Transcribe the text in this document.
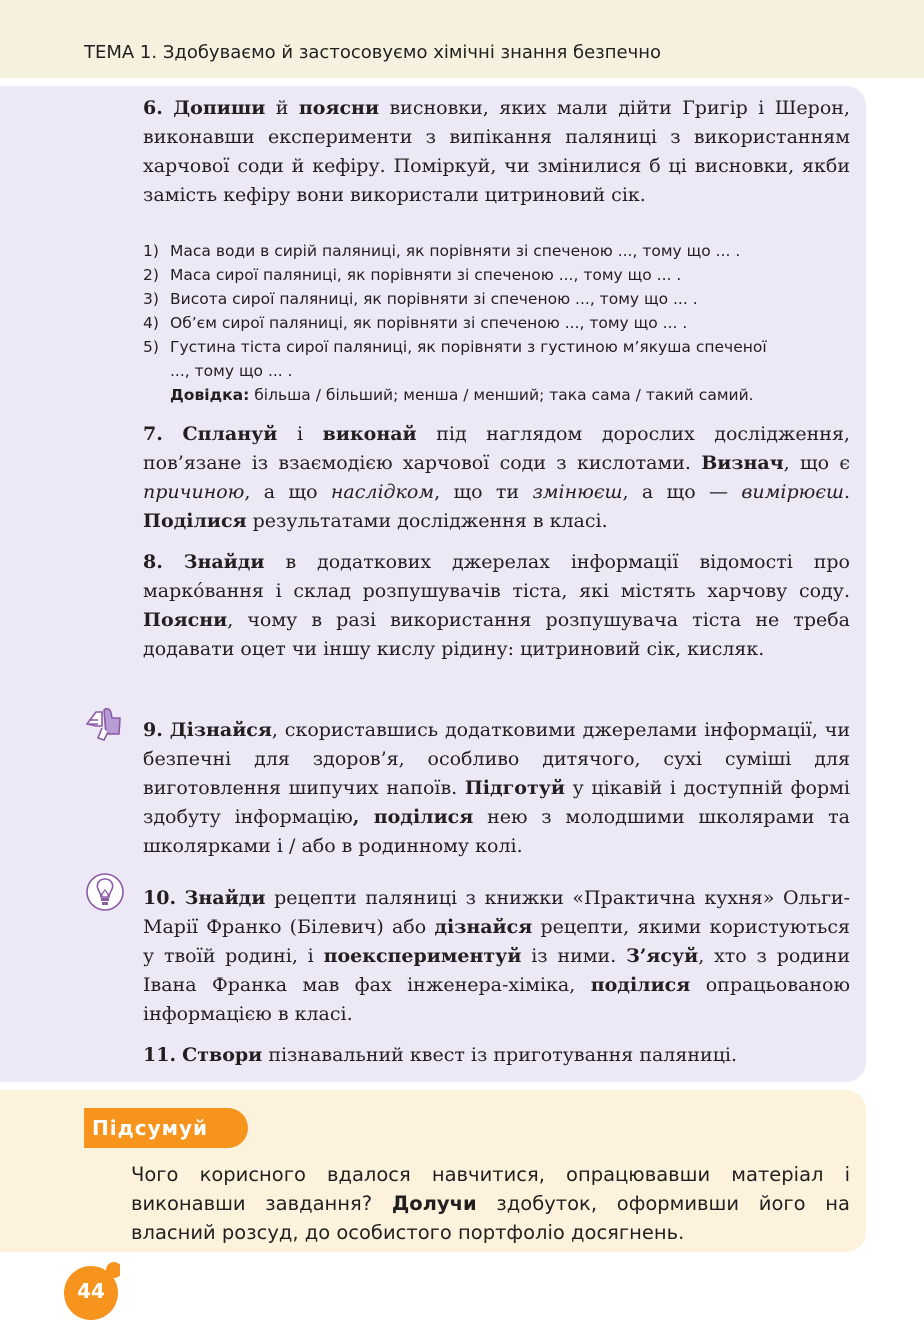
ТЕМА 1. Здобуваємо й застосовуємо хімічні знання безпечно
6. Допиши й поясни висновки, яких мали дійти Григір і Шерон, виконавши експерименти з випікання паляниці з використанням харчової соди й кефіру. Поміркуй, чи змінилися б ці висновки, якби замість кефіру вони використали цитриновий сік.
1) Маса води в сирій паляниці, як порівняти зі спеченою ..., тому що ... .
2) Маса сирої паляниці, як порівняти зі спеченою ..., тому що ... .
3) Висота сирої паляниці, як порівняти зі спеченою ..., тому що ... .
4) Об’єм сирої паляниці, як порівняти зі спеченою ..., тому що ... .
5) Густина тіста сирої паляниці, як порівняти з густиною м’якуша спеченої
..., тому що ... .
Довідка: більша / більший; менша / менший; така сама / такий самий.
7. Сплануй і виконай під наглядом дорослих дослідження, пов’язане із взаємодією харчової соди з кислотами. Визнач, що є причиною, а що наслідком, що ти змінюєш, а що — вимірюєш. Поділися результатами дослідження в класі.
8. Знайди в додаткових джерелах інформації відомості про марко́вання і склад розпушувачів тіста, які містять харчову соду. Поясни, чому в разі використання розпушувача тіста не треба додавати оцет чи іншу кислу рідину: цитриновий сік, кисляк.
9. Дізнайся, скориставшись додатковими джерелами інформації, чи безпечні для здоров’я, особливо дитячого, сухі суміші для виготовлення шипучих напоїв. Підготуй у цікавій і доступній формі здобуту інформацію, поділися нею з молодшими школярами та школярками і / або в родинному колі.
10. Знайди рецепти паляниці з книжки «Практична кухня» Ольги-Марії Франко (Білевич) або дізнайся рецепти, якими користуються у твоїй родині, і поекспериментуй із ними. З’ясуй, хто з родини Івана Франка мав фах інженера-хіміка, поділися опрацьованою інформацією в класі.
11. Створи пізнавальний квест із приготування паляниці.
Підсумуй
Чого корисного вдалося навчитися, опрацювавши матеріал і виконавши завдання? Долучи здобуток, оформивши його на власний розсуд, до особистого портфоліо досягнень.
44
